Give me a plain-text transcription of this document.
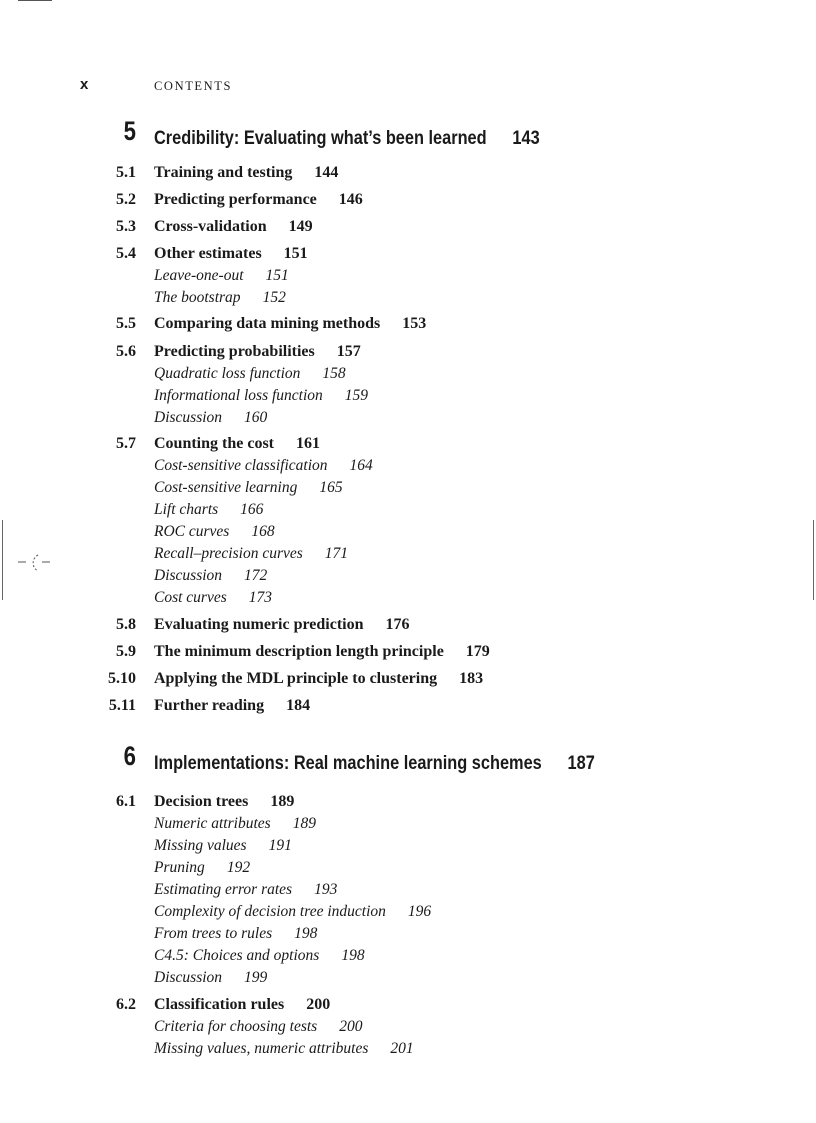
x	CONTENTS
5 Credibility: Evaluating what’s been learned 143
5.1 Training and testing 144
5.2 Predicting performance 146
5.3 Cross-validation 149
5.4 Other estimates 151
Leave-one-out 151
The bootstrap 152
5.5 Comparing data mining methods 153
5.6 Predicting probabilities 157
Quadratic loss function 158
Informational loss function 159
Discussion 160
5.7 Counting the cost 161
Cost-sensitive classification 164
Cost-sensitive learning 165
Lift charts 166
ROC curves 168
Recall–precision curves 171
Discussion 172
Cost curves 173
5.8 Evaluating numeric prediction 176
5.9 The minimum description length principle 179
5.10 Applying the MDL principle to clustering 183
5.11 Further reading 184
6 Implementations: Real machine learning schemes 187
6.1 Decision trees 189
Numeric attributes 189
Missing values 191
Pruning 192
Estimating error rates 193
Complexity of decision tree induction 196
From trees to rules 198
C4.5: Choices and options 198
Discussion 199
6.2 Classification rules 200
Criteria for choosing tests 200
Missing values, numeric attributes 201
